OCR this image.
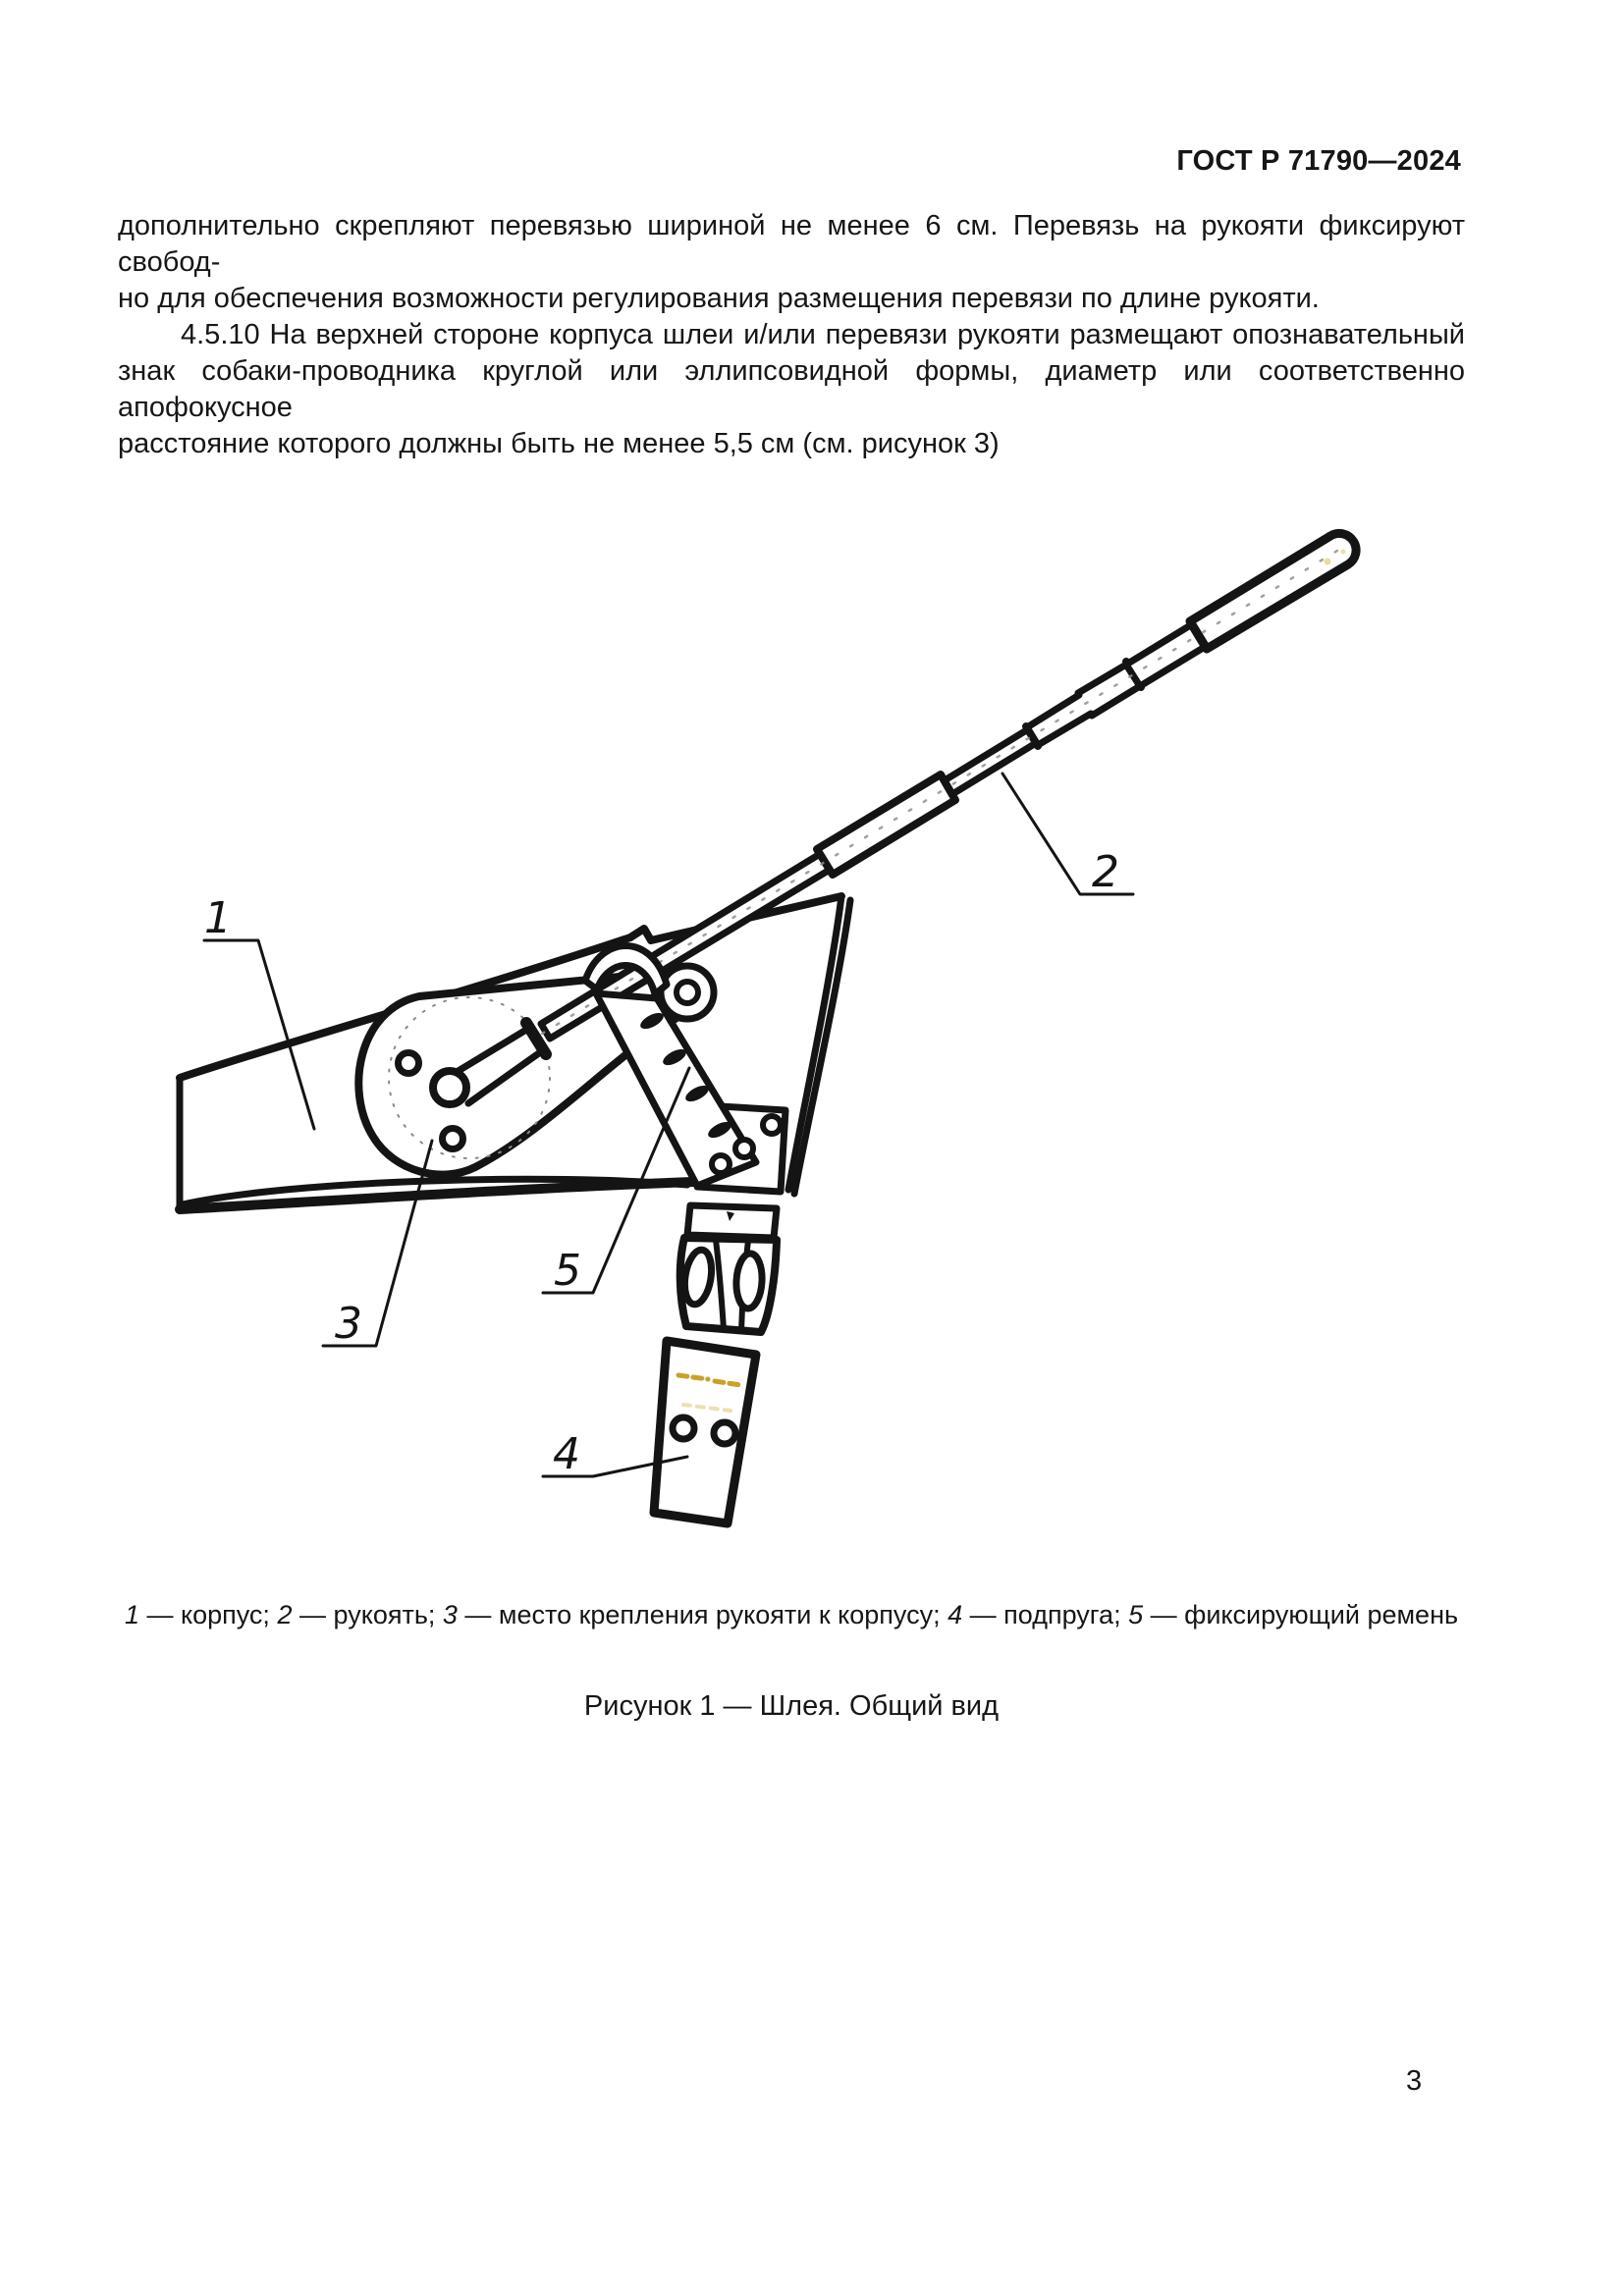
ГОСТ Р 71790—2024
дополнительно скрепляют перевязью шириной не менее 6 см. Перевязь на рукояти фиксируют свобод-
но для обеспечения возможности регулирования размещения перевязи по длине рукояти.
4.5.10 На верхней стороне корпуса шлеи и/или перевязи рукояти размещают опознавательный
знак собаки-проводника круглой или эллипсовидной формы, диаметр или соответственно апофокусное
расстояние которого должны быть не менее 5,5 см (см. рисунок 3)
1
2
3
5
4
1 — корпус; 2 — рукоять; 3 — место крепления рукояти к корпусу; 4 — подпруга; 5 — фиксирующий ремень
Рисунок 1 — Шлея. Общий вид
3
